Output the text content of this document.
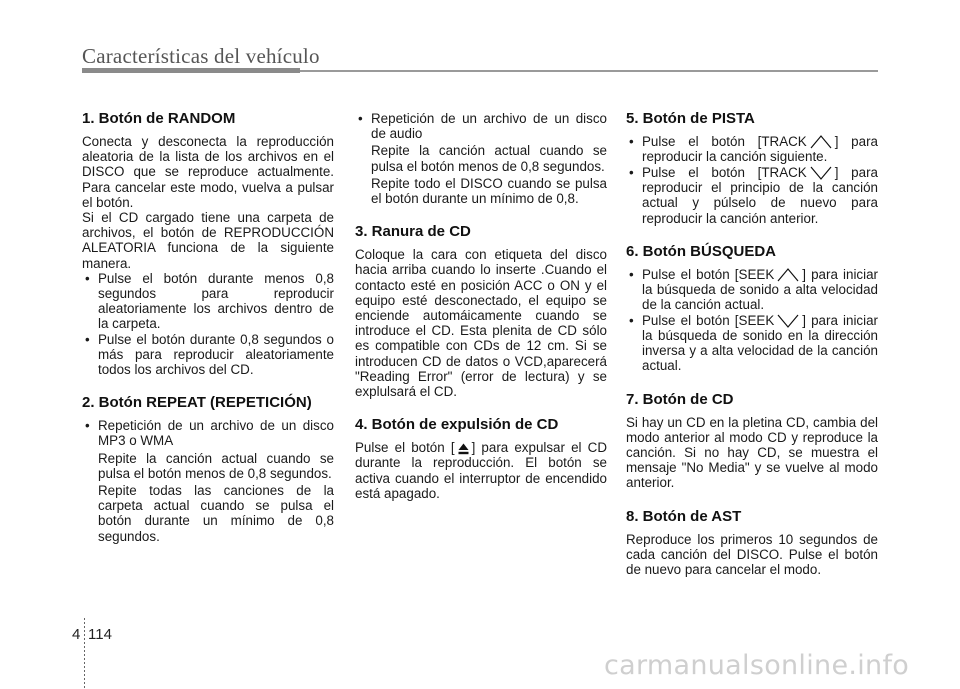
Características del vehículo
1. Botón de RANDOM

Conecta y desconecta la reproducción aleatoria de la lista de los archivos en el DISCO que se reproduce actualmente. Para cancelar este modo, vuelva a pulsar el botón.

Si el CD cargado tiene una carpeta de archivos, el botón de REPRODUCCIÓN ALEATORIA funciona de la siguiente manera.

• Pulse el botón durante menos 0,8 segundos para reproducir aleatoriamente los archivos dentro de la carpeta.
• Pulse el botón durante 0,8 segundos o más para reproducir aleatoriamente todos los archivos del CD.
2. Botón REPEAT (REPETICIÓN)
• Repetición de un archivo de un disco MP3 o WMA

Repite la canción actual cuando se pulsa el botón menos de 0,8 segundos.

Repite todas las canciones de la carpeta actual cuando se pulsa el botón durante un mínimo de 0,8 segundos.

• Repetición de un archivo de un disco de audio

Repite la canción actual cuando se pulsa el botón menos de 0,8 segundos.

Repite todo el DISCO cuando se pulsa el botón durante un mínimo de 0,8.

3. Ranura de CD

Coloque la cara con etiqueta del disco hacia arriba cuando lo inserte .Cuando el contacto esté en posición ACC o ON y el equipo esté desconectado, el equipo se enciende automáicamente cuando se introduce el CD. Esta plenita de CD sólo es compatible con CDs de 12 cm. Si se introducen CD de datos o VCD,aparecerá "Reading Error" (error de lectura) y se explulsará el CD.

4. Botón de expulsión de CD

Pulse el botón [ ] para expulsar el CD durante la reproducción. El botón se activa cuando el interruptor de encendido está apagado.

5. Botón de PISTA
• Pulse el botón [TRACK ] para reproducir la canción siguiente.
• Pulse el botón [TRACK ] para reproducir el principio de la canción actual y púlselo de nuevo para reproducir la canción anterior.
6. Botón BÚSQUEDA
• Pulse el botón [SEEK ] para iniciar la búsqueda de sonido a alta velocidad de la canción actual.
• Pulse el botón [SEEK ] para iniciar la búsqueda de sonido en la dirección inversa y a alta velocidad de la canción actual.
7. Botón de CD

Si hay un CD en la pletina CD, cambia del modo anterior al modo CD y reproduce la canción. Si no hay CD, se muestra el mensaje "No Media" y se vuelve al modo anterior.

8. Botón de AST

Reproduce los primeros 10 segundos de cada canción del DISCO. Pulse el botón de nuevo para cancelar el modo.

4 114
carmanualsonline.info
